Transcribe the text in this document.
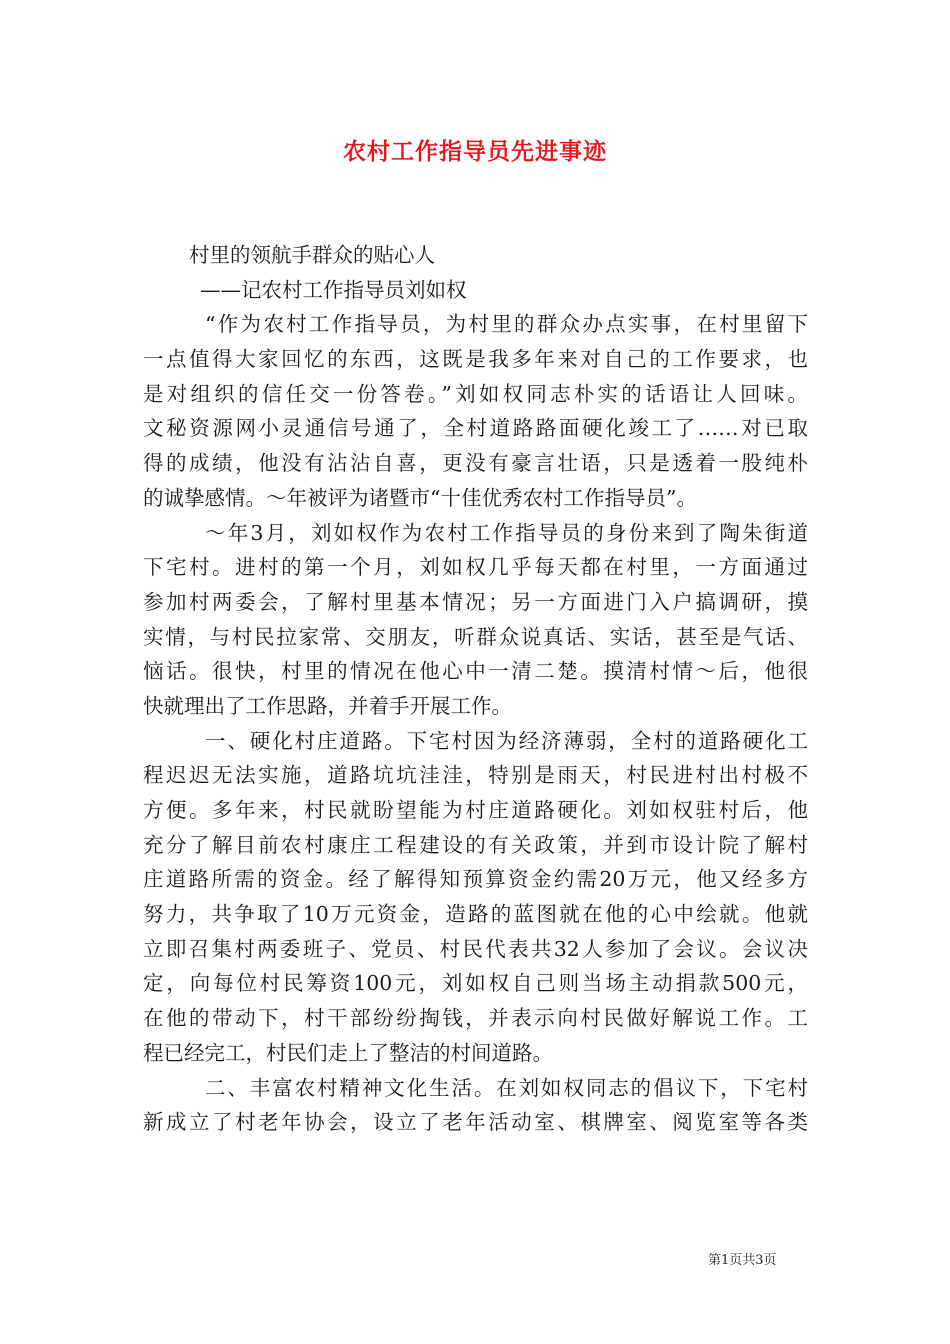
农村工作指导员先进事迹
村里的领航手群众的贴心人
——记农村工作指导员刘如权
“作为农村工作指导员，为村里的群众办点实事，在村里留下
一点值得大家回忆的东西，这既是我多年来对自己的工作要求，也
是对组织的信任交一份答卷。”刘如权同志朴实的话语让人回味。
文秘资源网小灵通信号通了，全村道路路面硬化竣工了……对已取
得的成绩，他没有沾沾自喜，更没有豪言壮语，只是透着一股纯朴
的诚挚感情。～年被评为诸暨市“十佳优秀农村工作指导员”。
～年3月，刘如权作为农村工作指导员的身份来到了陶朱街道
下宅村。进村的第一个月，刘如权几乎每天都在村里，一方面通过
参加村两委会，了解村里基本情况；另一方面进门入户搞调研，摸
实情，与村民拉家常、交朋友，听群众说真话、实话，甚至是气话、
恼话。很快，村里的情况在他心中一清二楚。摸清村情～后，他很
快就理出了工作思路，并着手开展工作。
一、硬化村庄道路。下宅村因为经济薄弱，全村的道路硬化工
程迟迟无法实施，道路坑坑洼洼，特别是雨天，村民进村出村极不
方便。多年来，村民就盼望能为村庄道路硬化。刘如权驻村后，他
充分了解目前农村康庄工程建设的有关政策，并到市设计院了解村
庄道路所需的资金。经了解得知预算资金约需20万元，他又经多方
努力，共争取了10万元资金，造路的蓝图就在他的心中绘就。他就
立即召集村两委班子、党员、村民代表共32人参加了会议。会议决
定，向每位村民筹资100元，刘如权自己则当场主动捐款500元，
在他的带动下，村干部纷纷掏钱，并表示向村民做好解说工作。工
程已经完工，村民们走上了整洁的村间道路。
二、丰富农村精神文化生活。在刘如权同志的倡议下，下宅村
新成立了村老年协会，设立了老年活动室、棋牌室、阅览室等各类
第1页共3页
